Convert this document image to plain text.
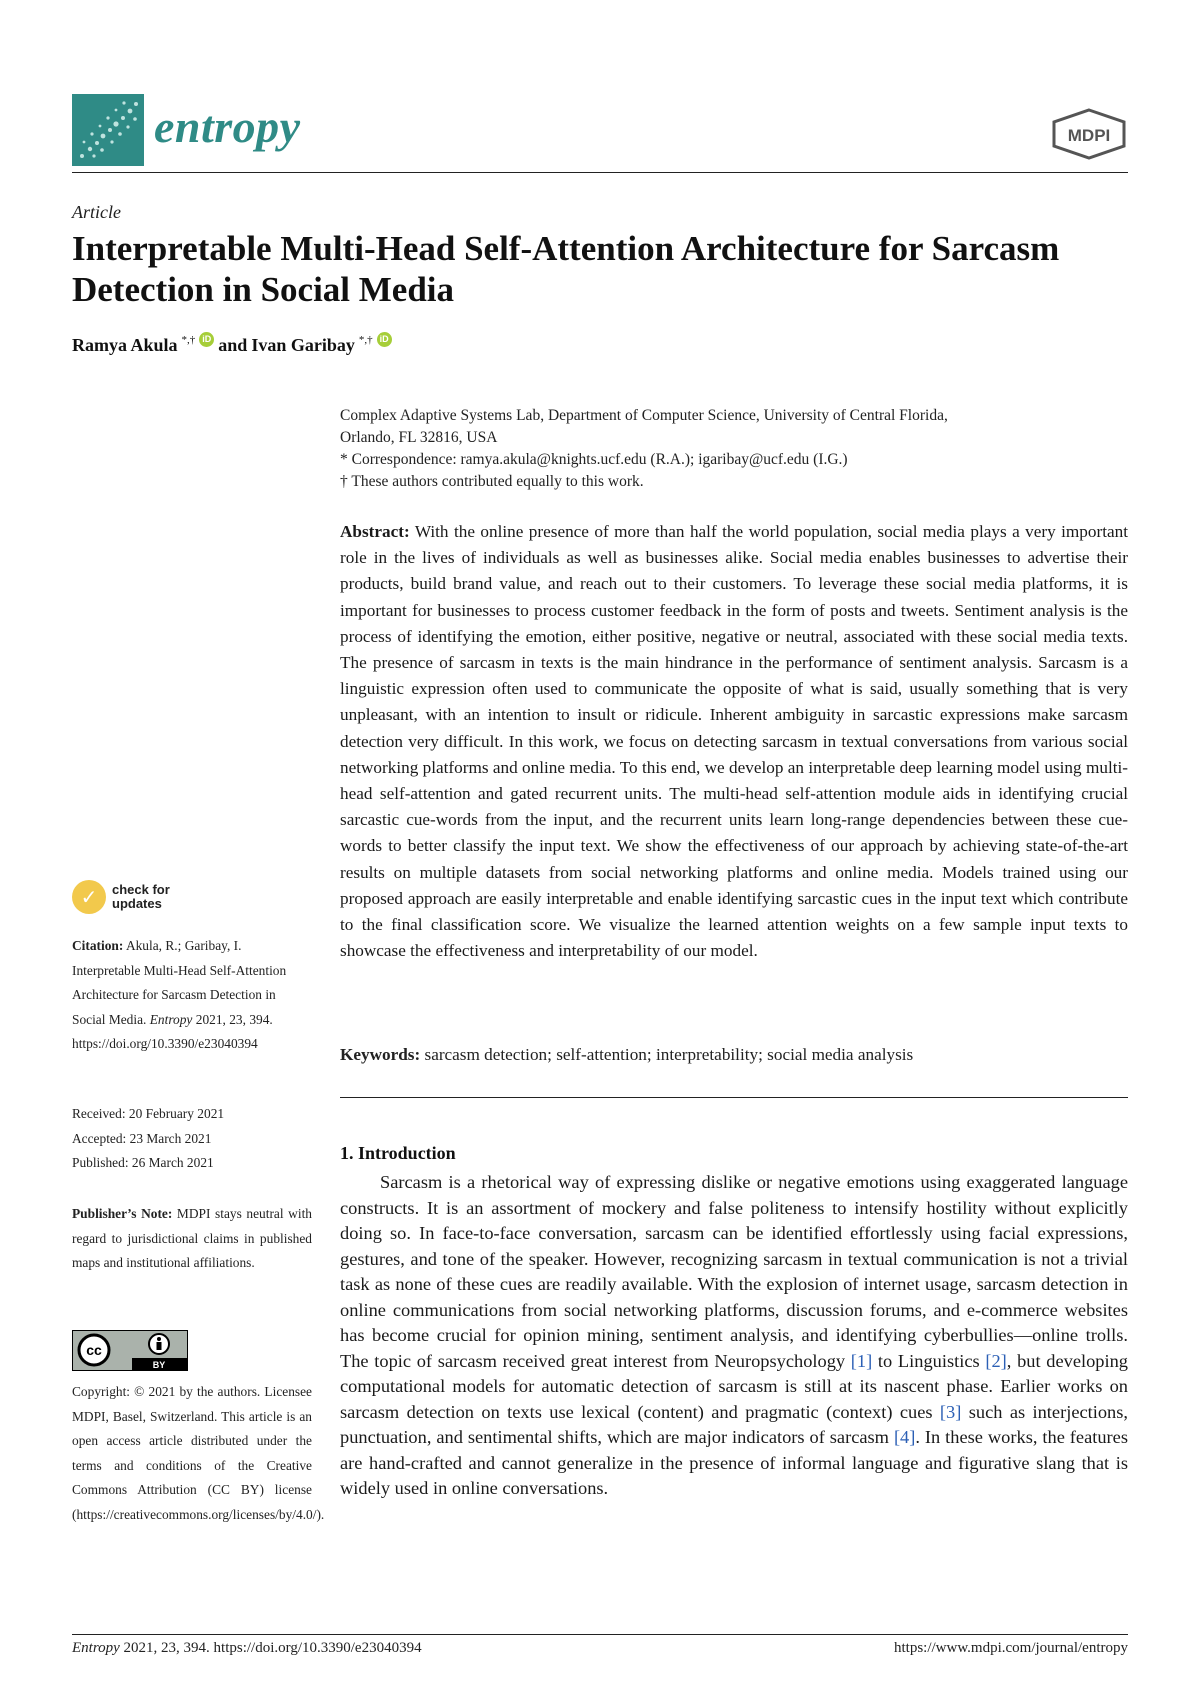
entropy	MDPI
Article
Interpretable Multi-Head Self-Attention Architecture for Sarcasm Detection in Social Media
Ramya Akula *,† iD and Ivan Garibay *,† iD

Complex Adaptive Systems Lab, Department of Computer Science, University of Central Florida,

Orlando, FL 32816, USA

* Correspondence: ramya.akula@knights.ucf.edu (R.A.); igaribay@ucf.edu (I.G.)

† These authors contributed equally to this work.

Abstract: With the online presence of more than half the world population, social media plays a very important role in the lives of individuals as well as businesses alike. Social media enables businesses to advertise their products, build brand value, and reach out to their customers. To leverage these social media platforms, it is important for businesses to process customer feedback in the form of posts and tweets. Sentiment analysis is the process of identifying the emotion, either positive, negative or neutral, associated with these social media texts. The presence of sarcasm in texts is the main hindrance in the performance of sentiment analysis. Sarcasm is a linguistic expression often used to communicate the opposite of what is said, usually something that is very unpleasant, with an intention to insult or ridicule. Inherent ambiguity in sarcastic expressions make sarcasm detection very difficult. In this work, we focus on detecting sarcasm in textual conversations from various social networking platforms and online media. To this end, we develop an interpretable deep learning model using multi-head self-attention and gated recurrent units. The multi-head self-attention module aids in identifying crucial sarcastic cue-words from the input, and the recurrent units learn long-range dependencies between these cue-words to better classify the input text. We show the effectiveness of our approach by achieving state-of-the-art results on multiple datasets from social networking platforms and online media. Models trained using our proposed approach are easily interpretable and enable identifying sarcastic cues in the input text which contribute to the final classification score. We visualize the learned attention weights on a few sample input texts to showcase the effectiveness and interpretability of our model.
Keywords: sarcasm detection; self-attention; interpretability; social media analysis
1. Introduction
Sarcasm is a rhetorical way of expressing dislike or negative emotions using exaggerated language constructs. It is an assortment of mockery and false politeness to intensify hostility without explicitly doing so. In face-to-face conversation, sarcasm can be identified effortlessly using facial expressions, gestures, and tone of the speaker. However, recognizing sarcasm in textual communication is not a trivial task as none of these cues are readily available. With the explosion of internet usage, sarcasm detection in online communications from social networking platforms, discussion forums, and e-commerce websites has become crucial for opinion mining, sentiment analysis, and identifying cyberbullies—online trolls. The topic of sarcasm received great interest from Neuropsychology [1] to Linguistics [2], but developing computational models for automatic detection of sarcasm is still at its nascent phase. Earlier works on sarcasm detection on texts use lexical (content) and pragmatic (context) cues [3] such as interjections, punctuation, and sentimental shifts, which are major indicators of sarcasm [4]. In these works, the features are hand-crafted and cannot generalize in the presence of informal language and figurative slang that is widely used in online conversations.
✓	check for
updates
Citation: Akula, R.; Garibay, I. Interpretable Multi-Head Self-Attention Architecture for Sarcasm Detection in Social Media. Entropy 2021, 23, 394. https://doi.org/10.3390/e23040394
Received: 20 February 2021
Accepted: 23 March 2021
Published: 26 March 2021
Publisher’s Note: MDPI stays neutral with regard to jurisdictional claims in published maps and institutional affiliations.
cc
BY
Copyright: © 2021 by the authors. Licensee MDPI, Basel, Switzerland. This article is an open access article distributed under the terms and conditions of the Creative Commons Attribution (CC BY) license (https://creativecommons.org/licenses/by/4.0/).
Entropy 2021, 23, 394. https://doi.org/10.3390/e23040394	https://www.mdpi.com/journal/entropy
